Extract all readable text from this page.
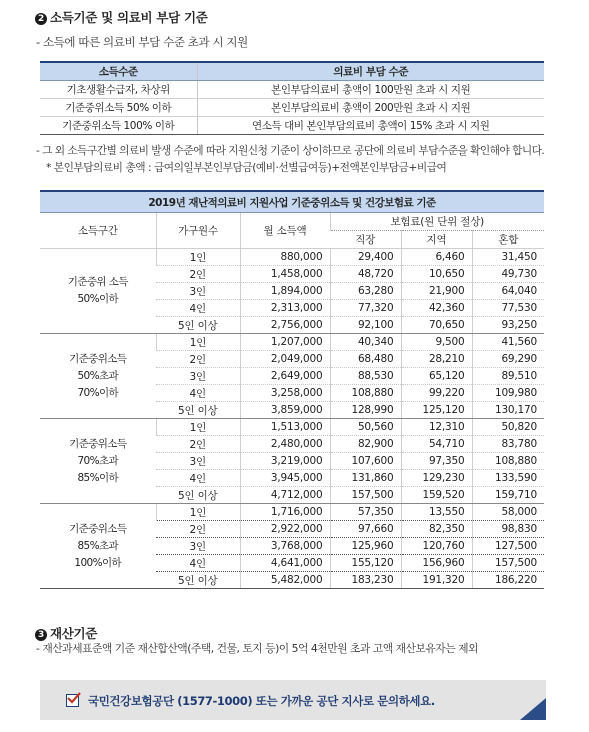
2 소득기준 및 의료비 부담 기준
- 소득에 따른 의료비 부담 수준 초과 시 지원
소득수준	의료비 부담 수준
기초생활수급자, 차상위	본인부담의료비 총액이 100만원 초과 시 지원
기준중위소득 50% 이하	본인부담의료비 총액이 200만원 초과 시 지원
기준중위소득 100% 이하	연소득 대비 본인부담의료비 총액이 15% 초과 시 지원
- 그 외 소득구간별 의료비 발생 수준에 따라 지원신청 기준이 상이하므로 공단에 의료비 부담수준을 확인해야 합니다.
* 본인부담의료비 총액 : 급여의일부본인부담금(예비·선별급여등)+전액본인부담금+비급여
2019년 재난적의료비 지원사업 기준중위소득 및 건강보험료 기준					
소득구간	가구원수	월 소득액	보험료(원 단위 절상)		
			직장	지역	혼합
기준중위 소득
50%이하	1인	880,000	29,400	6,460	31,450
	2인	1,458,000	48,720	10,650	49,730
	3인	1,894,000	63,280	21,900	64,040
	4인	2,313,000	77,320	42,360	77,530
	5인 이상	2,756,000	92,100	70,650	93,250
기준중위소득
50%초과
70%이하	1인	1,207,000	40,340	9,500	41,560
	2인	2,049,000	68,480	28,210	69,290
	3인	2,649,000	88,530	65,120	89,510
	4인	3,258,000	108,880	99,220	109,980
	5인 이상	3,859,000	128,990	125,120	130,170
기준중위소득
70%초과
85%이하	1인	1,513,000	50,560	12,310	50,820
	2인	2,480,000	82,900	54,710	83,780
	3인	3,219,000	107,600	97,350	108,880
	4인	3,945,000	131,860	129,230	133,590
	5인 이상	4,712,000	157,500	159,520	159,710
기준중위소득
85%초과
100%이하	1인	1,716,000	57,350	13,550	58,000
	2인	2,922,000	97,660	82,350	98,830
	3인	3,768,000	125,960	120,760	127,500
	4인	4,641,000	155,120	156,960	157,500
	5인 이상	5,482,000	183,230	191,320	186,220
3 재산기준
- 재산과세표준액 기준 재산합산액(주택, 건물, 토지 등)이 5억 4천만원 초과 고액 재산보유자는 제외
국민건강보험공단 (1577-1000) 또는 가까운 공단 지사로 문의하세요.
